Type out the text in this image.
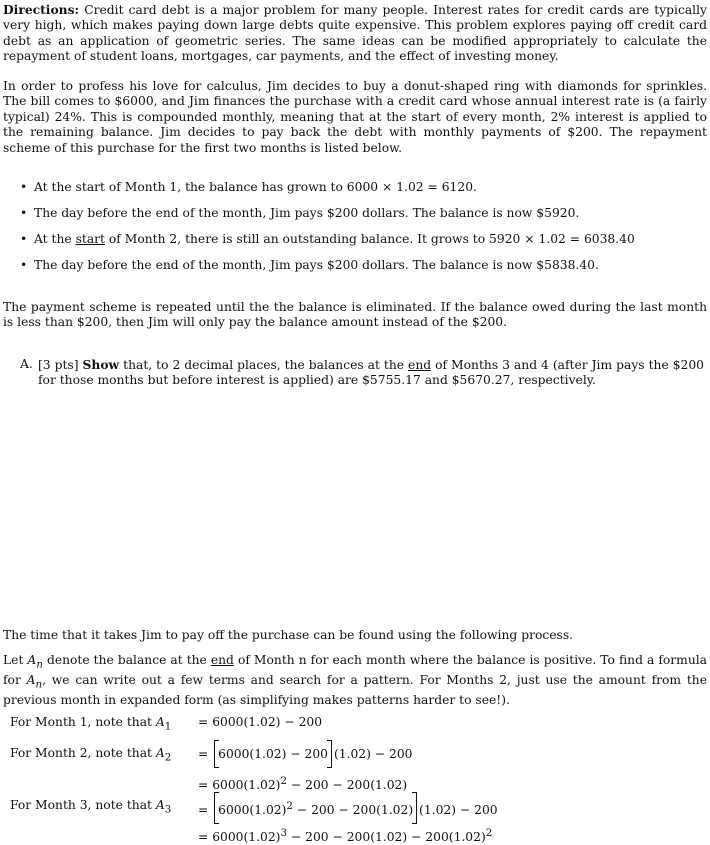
Directions: Credit card debt is a major problem for many people. Interest rates for credit cards are typically very high, which makes paying down large debts quite expensive. This problem explores paying off credit card debt as an application of geometric series. The same ideas can be modified appropriately to calculate the repayment of student loans, mortgages, car payments, and the effect of investing money.

In order to profess his love for calculus, Jim decides to buy a donut-shaped ring with diamonds for sprinkles. The bill comes to $6000, and Jim finances the purchase with a credit card whose annual interest rate is (a fairly typical) 24%. This is compounded monthly, meaning that at the start of every month, 2% interest is applied to the remaining balance. Jim decides to pay back the debt with monthly payments of $200. The repayment scheme of this purchase for the first two months is listed below.

• At the start of Month 1, the balance has grown to 6000 × 1.02 = 6120.
• The day before the end of the month, Jim pays $200 dollars. The balance is now $5920.
• At the start of Month 2, there is still an outstanding balance. It grows to 5920 × 1.02 = 6038.40
• The day before the end of the month, Jim pays $200 dollars. The balance is now $5838.40.

The payment scheme is repeated until the the balance is eliminated. If the balance owed during the last month is less than $200, then Jim will only pay the balance amount instead of the $200.

A. [3 pts] Show that, to 2 decimal places, the balances at the end of Months 3 and 4 (after Jim pays the $200 for those months but before interest is applied) are $5755.17 and $5670.27, respectively.

The time that it takes Jim to pay off the purchase can be found using the following process.

Let $A_n$ denote the balance at the end of Month n for each month where the balance is positive. To find a formula for $A_n$, we can write out a few terms and search for a pattern. For Months 2, just use the amount from the previous month in expanded form (as simplifying makes patterns harder to see!).

For Month 1, note that $A_1 = 6000(1.02) - 200$
For Month 2, note that $A_2 = 6000(1.02) - 200$ (1.02) − 200
= $6000(1.02)^2 - 200 - 200(1.02)$
For Month 3, note that $A_3 = 6000(1.02)^2 - 200 - 200(1.02) (1.02) - 200$
= $6000(1.02)^3 - 200 - 200(1.02) - 200(1.02)^2$
